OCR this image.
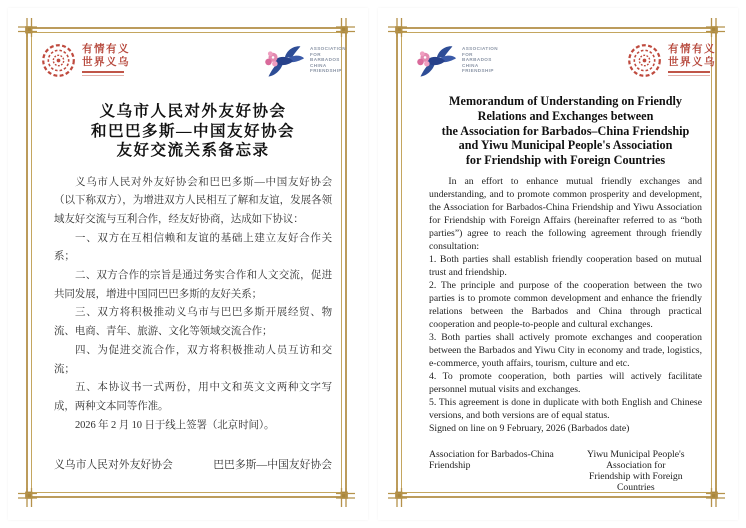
有情有义
世界义乌
ASSOCIATION
FOR
BARBADOS
CHINA
FRIENDSHIP
义乌市人民对外友好协会
和巴巴多斯—中国友好协会
友好交流关系备忘录

义乌市人民对外友好协会和巴巴多斯—中国友好协会（以下称双方），为增进双方人民相互了解和友谊，发展各领域友好交流与互利合作，经友好协商，达成如下协议：

一、双方在互相信赖和友谊的基础上建立友好合作关系；

二、双方合作的宗旨是通过务实合作和人文交流，促进共同发展，增进中国同巴巴多斯的友好关系；

三、双方将积极推动义乌市与巴巴多斯开展经贸、物流、电商、青年、旅游、文化等领域交流合作；

四、为促进交流合作，双方将积极推动人员互访和交流；

五、本协议书一式两份，用中文和英文文两种文字写成，两种文本同等作准。

2026 年 2 月 10 日于线上签署（北京时间）。

义乌市人民对外友好协会	巴巴多斯—中国友好协会
ASSOCIATION
FOR
BARBADOS
CHINA
FRIENDSHIP
有情有义
世界义乌
Memorandum of Understanding on Friendly
Relations and Exchanges between
the Association for Barbados–China Friendship
and Yiwu Municipal People's Association
for Friendship with Foreign Countries

In an effort to enhance mutual friendly exchanges and understanding, and to promote common prosperity and development, the Association for Barbados-China Friendship and Yiwu Association for Friendship with Foreign Affairs (hereinafter referred to as “both parties”) agree to reach the following agreement through friendly consultation:

1. Both parties shall establish friendly cooperation based on mutual trust and friendship.

2. The principle and purpose of the cooperation between the two parties is to promote common development and enhance the friendly relations between the Barbados and China through practical cooperation and people-to-people and cultural exchanges.

3. Both parties shall actively promote exchanges and cooperation between the Barbados and Yiwu City in economy and trade, logistics, e-commerce, youth affairs, tourism, culture and etc.

4. To promote cooperation, both parties will actively facilitate personnel mutual visits and exchanges.

5. This agreement is done in duplicate with both English and Chinese versions, and both versions are of equal status.

Signed on line on 9 February, 2026 (Barbados date)

Association for Barbados-China Friendship
Yiwu Municipal People's Association for
Friendship with Foreign Countries
